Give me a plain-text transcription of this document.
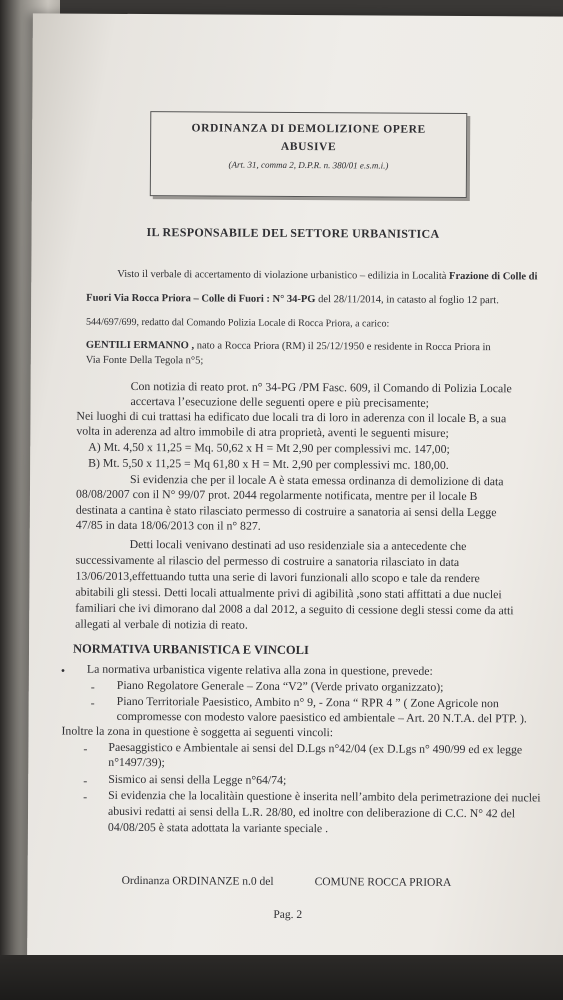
ORDINANZA DI DEMOLIZIONE OPERE
ABUSIVE
(Art. 31, comma 2, D.P.R. n. 380/01 e.s.m.i.)
IL RESPONSABILE DEL SETTORE URBANISTICA
Visto il verbale di accertamento di violazione urbanistico – edilizia in Località Frazione di Colle di
Fuori Via Rocca Priora – Colle di Fuori : N° 34-PG del 28/11/2014, in catasto al foglio 12 part.
544/697/699, redatto dal Comando Polizia Locale di Rocca Priora, a carico:
GENTILI ERMANNO , nato a Rocca Priora (RM) il 25/12/1950 e residente in Rocca Priora in
Via Fonte Della Tegola n°5;
Con notizia di reato prot. n° 34-PG /PM Fasc. 609, il Comando di Polizia Locale
accertava l’esecuzione delle seguenti opere e più precisamente;
Nei luoghi di cui trattasi ha edificato due locali tra di loro in aderenza con il locale B, a sua
volta in aderenza ad altro immobile di atra proprietà, aventi le seguenti misure;
A) Mt. 4,50 x 11,25 = Mq. 50,62 x H = Mt 2,90 per complessivi mc. 147,00;
B) Mt. 5,50 x 11,25 = Mq 61,80 x H = Mt. 2,90 per complessivi mc. 180,00.
Si evidenzia che per il locale A è stata emessa ordinanza di demolizione di data
08/08/2007 con il N° 99/07 prot. 2044 regolarmente notificata, mentre per il locale B
destinata a cantina è stato rilasciato permesso di costruire a sanatoria ai sensi della Legge
47/85 in data 18/06/2013 con il n° 827.
Detti locali venivano destinati ad uso residenziale sia a antecedente che
successivamente al rilascio del permesso di costruire a sanatoria rilasciato in data
13/06/2013,effettuando tutta una serie di lavori funzionali allo scopo e tale da rendere
abitabili gli stessi. Detti locali attualmente privi di agibilità ,sono stati affittati a due nuclei
familiari che ivi dimorano dal 2008 a dal 2012, a seguito di cessione degli stessi come da atti
allegati al verbale di notizia di reato.
NORMATIVA URBANISTICA E VINCOLI
• La normativa urbanistica vigente relativa alla zona in questione, prevede:
- Piano Regolatore Generale – Zona “V2” (Verde privato organizzato);
- Piano Territoriale Paesistico, Ambito n° 9, - Zona “ RPR 4 ” ( Zone Agricole non
compromesse con modesto valore paesistico ed ambientale – Art. 20 N.T.A. del PTP. ).
Inoltre la zona in questione è soggetta ai seguenti vincoli:
- Paesaggistico e Ambientale ai sensi del D.Lgs n°42/04 (ex D.Lgs n° 490/99 ed ex legge
n°1497/39);
- Sismico ai sensi della Legge n°64/74;
- Si evidenzia che la localitàin questione è inserita nell’ambito dela perimetrazione dei nuclei
abusivi redatti ai sensi della L.R. 28/80, ed inoltre con deliberazione di C.C. N° 42 del
04/08/205 è stata adottata la variante speciale .
Ordinanza ORDINANZE n.0 del	COMUNE ROCCA PRIORA
Pag. 2
